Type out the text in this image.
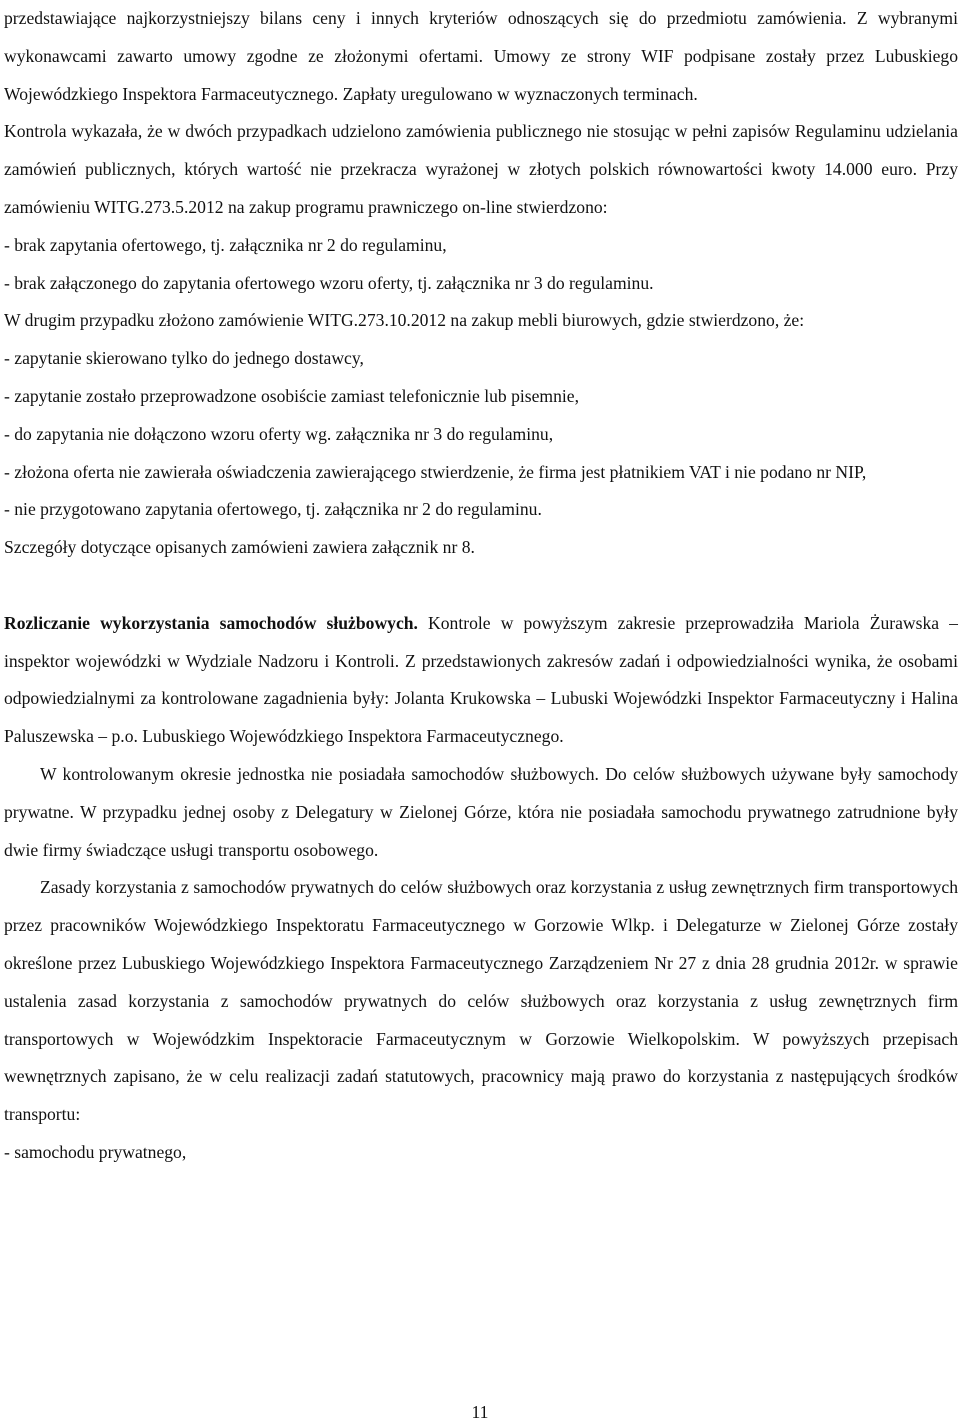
przedstawiające najkorzystniejszy bilans ceny i innych kryteriów odnoszących się do przedmiotu zamówienia. Z wybranymi wykonawcami zawarto umowy zgodne ze złożonymi ofertami. Umowy ze strony WIF podpisane zostały przez Lubuskiego Wojewódzkiego Inspektora Farmaceutycznego. Zapłaty uregulowano w wyznaczonych terminach.

Kontrola wykazała, że w dwóch przypadkach udzielono zamówienia publicznego nie stosując w pełni zapisów Regulaminu udzielania zamówień publicznych, których wartość nie przekracza wyrażonej w złotych polskich równowartości kwoty 14.000 euro. Przy zamówieniu WITG.273.5.2012 na zakup programu prawniczego on-line stwierdzono:

- brak zapytania ofertowego, tj. załącznika nr 2 do regulaminu,

- brak załączonego do zapytania ofertowego wzoru oferty, tj. załącznika nr 3 do regulaminu.

W drugim przypadku złożono zamówienie WITG.273.10.2012 na zakup mebli biurowych, gdzie stwierdzono, że:

- zapytanie skierowano tylko do jednego dostawcy,

- zapytanie zostało przeprowadzone osobiście zamiast telefonicznie lub pisemnie,

- do zapytania nie dołączono wzoru oferty wg. załącznika nr 3 do regulaminu,

- złożona oferta nie zawierała oświadczenia zawierającego stwierdzenie, że firma jest płatnikiem VAT i nie podano nr NIP,

- nie przygotowano zapytania ofertowego, tj. załącznika nr 2 do regulaminu.

Szczegóły dotyczące opisanych zamówieni zawiera załącznik nr 8.

Rozliczanie wykorzystania samochodów służbowych. Kontrole w powyższym zakresie przeprowadziła Mariola Żurawska – inspektor wojewódzki w Wydziale Nadzoru i Kontroli. Z przedstawionych zakresów zadań i odpowiedzialności wynika, że osobami odpowiedzialnymi za kontrolowane zagadnienia były: Jolanta Krukowska – Lubuski Wojewódzki Inspektor Farmaceutyczny i Halina Paluszewska – p.o. Lubuskiego Wojewódzkiego Inspektora Farmaceutycznego.

W kontrolowanym okresie jednostka nie posiadała samochodów służbowych. Do celów służbowych używane były samochody prywatne. W przypadku jednej osoby z Delegatury w Zielonej Górze, która nie posiadała samochodu prywatnego zatrudnione były dwie firmy świadczące usługi transportu osobowego.

Zasady korzystania z samochodów prywatnych do celów służbowych oraz korzystania z usług zewnętrznych firm transportowych przez pracowników Wojewódzkiego Inspektoratu Farmaceutycznego w Gorzowie Wlkp. i Delegaturze w Zielonej Górze zostały określone przez Lubuskiego Wojewódzkiego Inspektora Farmaceutycznego Zarządzeniem Nr 27 z dnia 28 grudnia 2012r. w sprawie ustalenia zasad korzystania z samochodów prywatnych do celów służbowych oraz korzystania z usług zewnętrznych firm transportowych w Wojewódzkim Inspektoracie Farmaceutycznym w Gorzowie Wielkopolskim. W powyższych przepisach wewnętrznych zapisano, że w celu realizacji zadań statutowych, pracownicy mają prawo do korzystania z następujących środków transportu:

- samochodu prywatnego,

11
